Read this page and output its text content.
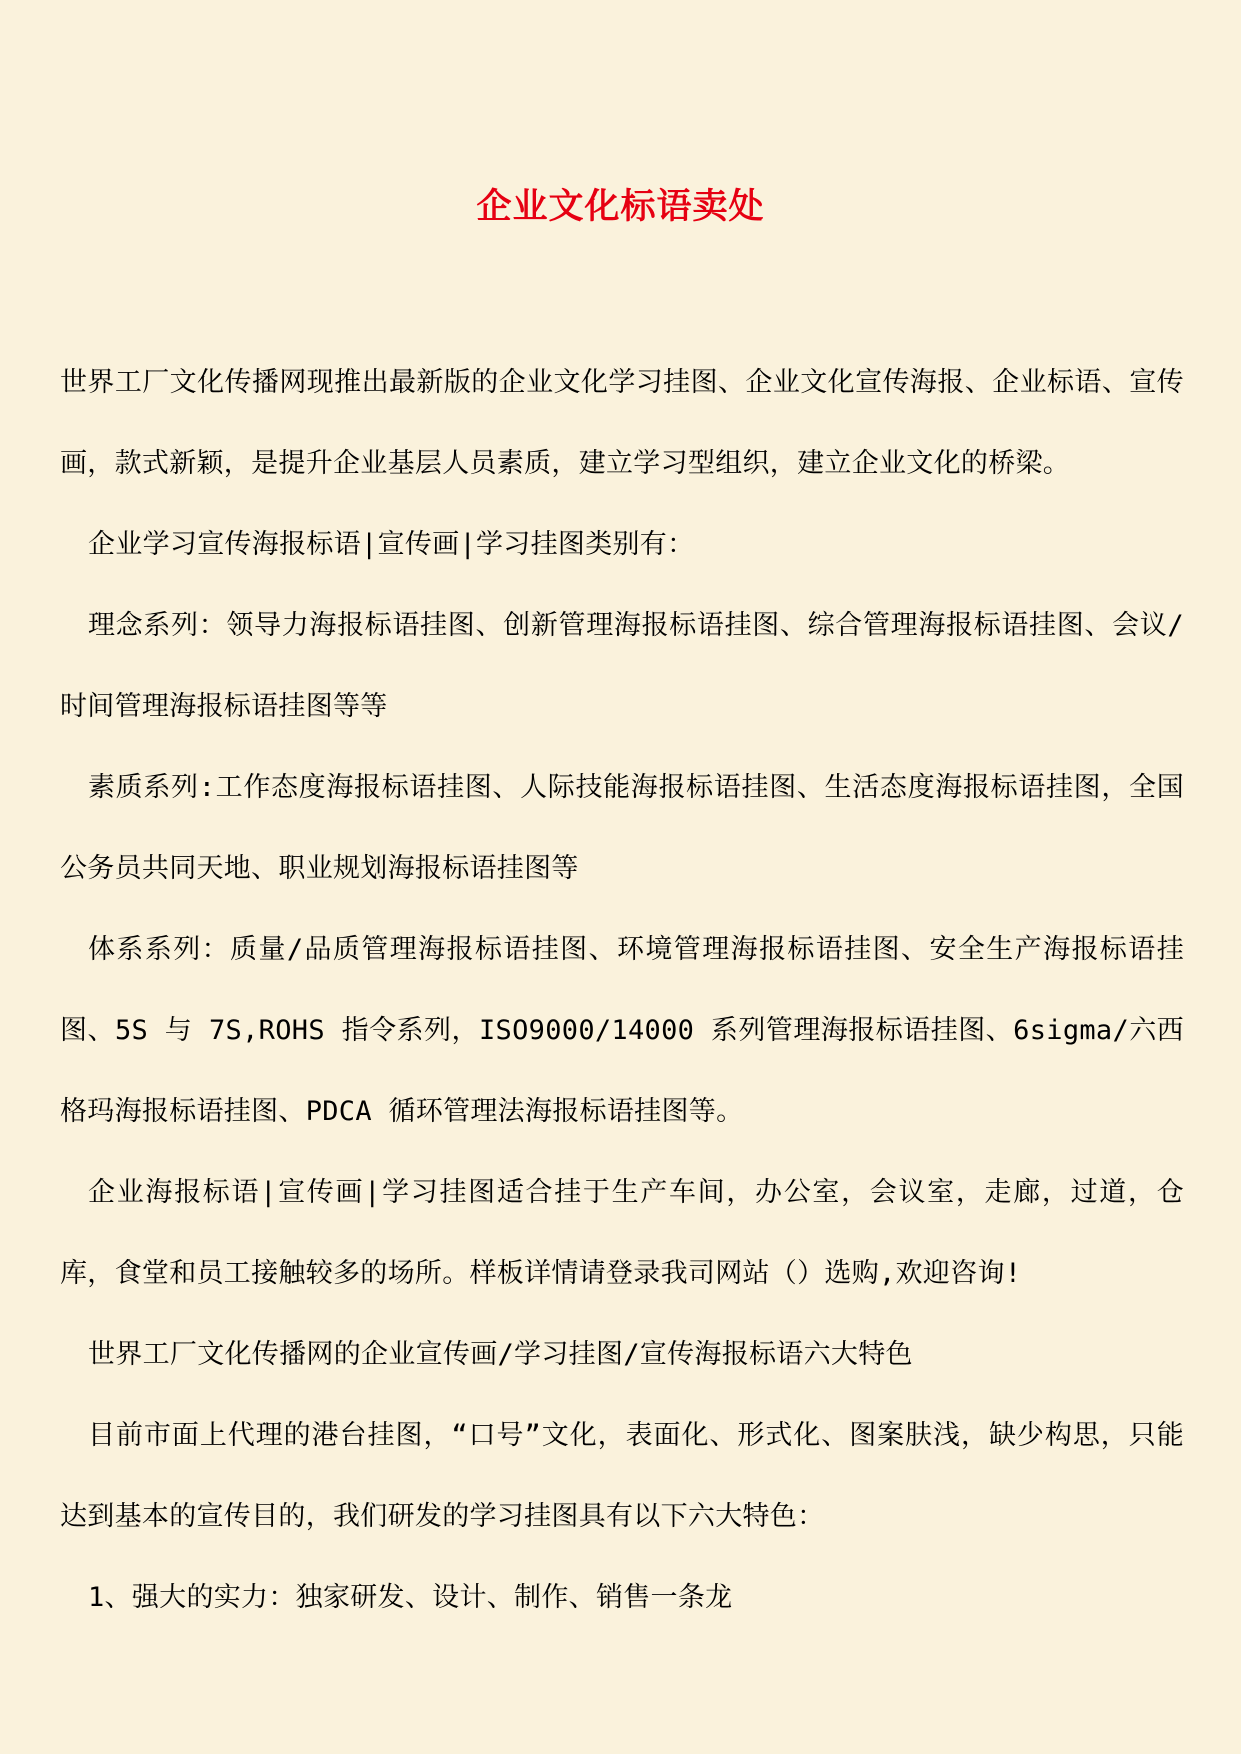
企业文化标语卖处

世界工厂文化传播网现推出最新版的企业文化学习挂图、企业文化宣传海报、企业标语、宣传画，款式新颖，是提升企业基层人员素质，建立学习型组织，建立企业文化的桥梁。

企业学习宣传海报标语|宣传画|学习挂图类别有：

理念系列：领导力海报标语挂图、创新管理海报标语挂图、综合管理海报标语挂图、会议/时间管理海报标语挂图等等

素质系列:工作态度海报标语挂图、人际技能海报标语挂图、生活态度海报标语挂图，全国公务员共同天地、职业规划海报标语挂图等

体系系列：质量/品质管理海报标语挂图、环境管理海报标语挂图、安全生产海报标语挂图、5S 与 7S,ROHS 指令系列，ISO9000/14000 系列管理海报标语挂图、6sigma/六西格玛海报标语挂图、PDCA 循环管理法海报标语挂图等。

企业海报标语|宣传画|学习挂图适合挂于生产车间，办公室，会议室，走廊，过道，仓库，食堂和员工接触较多的场所。样板详情请登录我司网站（）选购,欢迎咨询!

世界工厂文化传播网的企业宣传画/学习挂图/宣传海报标语六大特色

目前市面上代理的港台挂图，“口号”文化，表面化、形式化、图案肤浅，缺少构思，只能达到基本的宣传目的，我们研发的学习挂图具有以下六大特色：

1、强大的实力：独家研发、设计、制作、销售一条龙
